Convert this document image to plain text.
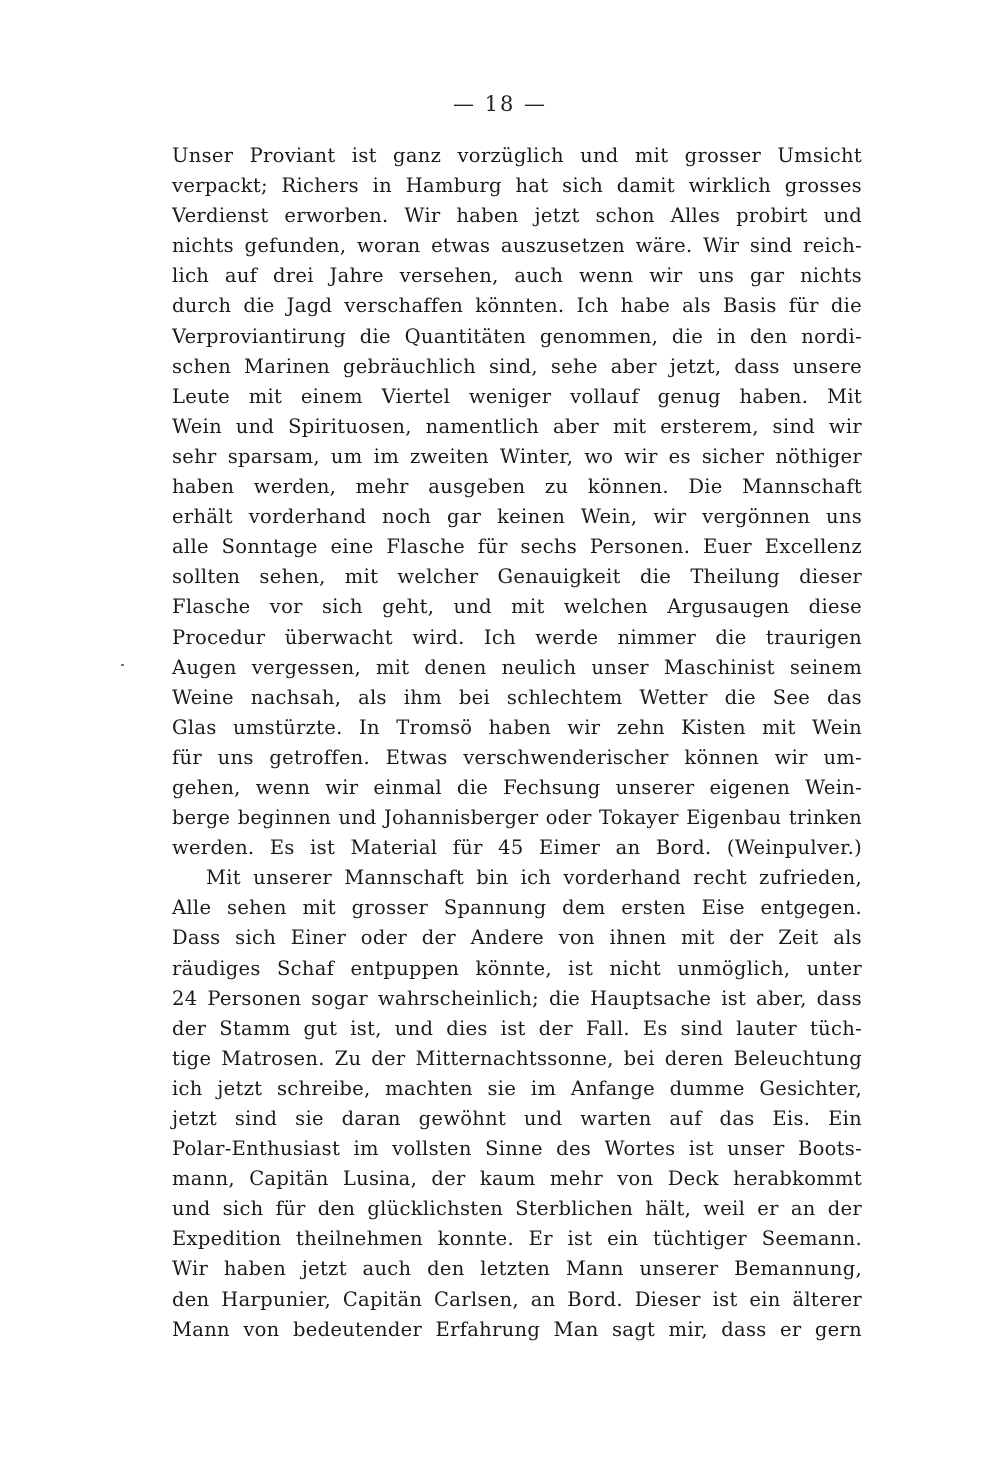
— 18 —
Unser Proviant ist ganz vorzüglich und mit grosser Umsicht
verpackt; Richers in Hamburg hat sich damit wirklich grosses
Verdienst erworben. Wir haben jetzt schon Alles probirt und
nichts gefunden, woran etwas auszusetzen wäre. Wir sind reich-
lich auf drei Jahre versehen, auch wenn wir uns gar nichts
durch die Jagd verschaffen könnten. Ich habe als Basis für die
Verproviantirung die Quantitäten genommen, die in den nordi-
schen Marinen gebräuchlich sind, sehe aber jetzt, dass unsere
Leute mit einem Viertel weniger vollauf genug haben. Mit
Wein und Spirituosen, namentlich aber mit ersterem, sind wir
sehr sparsam, um im zweiten Winter, wo wir es sicher nöthiger
haben werden, mehr ausgeben zu können. Die Mannschaft
erhält vorderhand noch gar keinen Wein, wir vergönnen uns
alle Sonntage eine Flasche für sechs Personen. Euer Excellenz
sollten sehen, mit welcher Genauigkeit die Theilung dieser
Flasche vor sich geht, und mit welchen Argusaugen diese
Procedur überwacht wird. Ich werde nimmer die traurigen
Augen vergessen, mit denen neulich unser Maschinist seinem
Weine nachsah, als ihm bei schlechtem Wetter die See das
Glas umstürzte. In Tromsö haben wir zehn Kisten mit Wein
für uns getroffen. Etwas verschwenderischer können wir um-
gehen, wenn wir einmal die Fechsung unserer eigenen Wein-
berge beginnen und Johannisberger oder Tokayer Eigenbau trinken
werden. Es ist Material für 45 Eimer an Bord. (Weinpulver.)
Mit unserer Mannschaft bin ich vorderhand recht zufrieden,
Alle sehen mit grosser Spannung dem ersten Eise entgegen.
Dass sich Einer oder der Andere von ihnen mit der Zeit als
räudiges Schaf entpuppen könnte, ist nicht unmöglich, unter
24 Personen sogar wahrscheinlich; die Hauptsache ist aber, dass
der Stamm gut ist, und dies ist der Fall. Es sind lauter tüch-
tige Matrosen. Zu der Mitternachtssonne, bei deren Beleuchtung
ich jetzt schreibe, machten sie im Anfange dumme Gesichter,
jetzt sind sie daran gewöhnt und warten auf das Eis. Ein
Polar-Enthusiast im vollsten Sinne des Wortes ist unser Boots-
mann, Capitän Lusina, der kaum mehr von Deck herabkommt
und sich für den glücklichsten Sterblichen hält, weil er an der
Expedition theilnehmen konnte. Er ist ein tüchtiger Seemann.
Wir haben jetzt auch den letzten Mann unserer Bemannung,
den Harpunier, Capitän Carlsen, an Bord. Dieser ist ein älterer
Mann von bedeutender Erfahrung Man sagt mir, dass er gern
